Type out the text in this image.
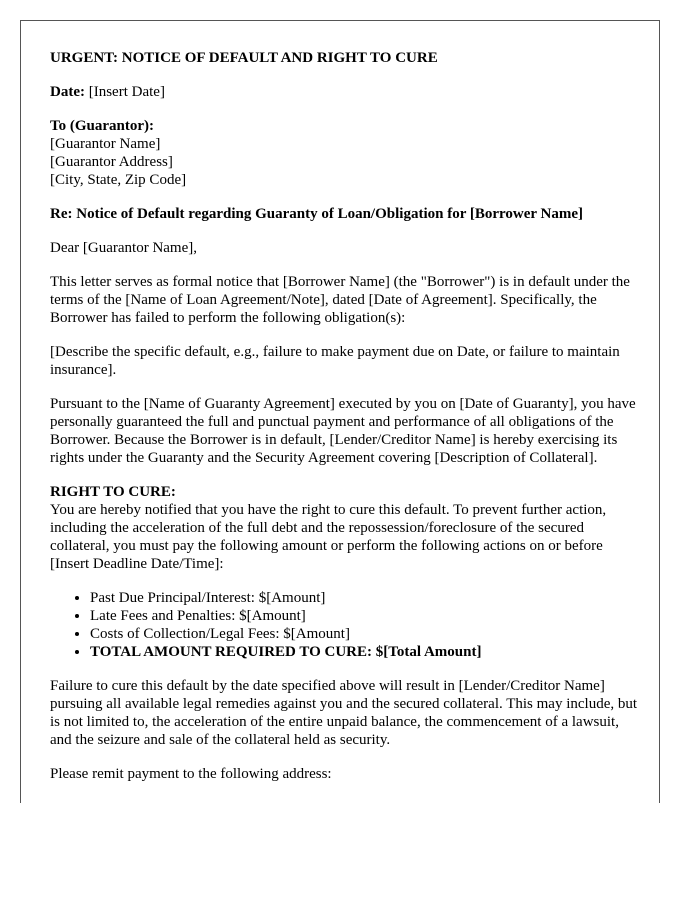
URGENT: NOTICE OF DEFAULT AND RIGHT TO CURE

Date: [Insert Date]

To (Guarantor):
[Guarantor Name]
[Guarantor Address]
[City, State, Zip Code]

Re: Notice of Default regarding Guaranty of Loan/Obligation for [Borrower Name]

Dear [Guarantor Name],

This letter serves as formal notice that [Borrower Name] (the "Borrower") is in default under the terms of the [Name of Loan Agreement/Note], dated [Date of Agreement]. Specifically, the Borrower has failed to perform the following obligation(s):

[Describe the specific default, e.g., failure to make payment due on Date, or failure to maintain insurance].

Pursuant to the [Name of Guaranty Agreement] executed by you on [Date of Guaranty], you have personally guaranteed the full and punctual payment and performance of all obligations of the Borrower. Because the Borrower is in default, [Lender/Creditor Name] is hereby exercising its rights under the Guaranty and the Security Agreement covering [Description of Collateral].

RIGHT TO CURE:
You are hereby notified that you have the right to cure this default. To prevent further action, including the acceleration of the full debt and the repossession/foreclosure of the secured collateral, you must pay the following amount or perform the following actions on or before [Insert Deadline Date/Time]:

• Past Due Principal/Interest: $[Amount]
• Late Fees and Penalties: $[Amount]
• Costs of Collection/Legal Fees: $[Amount]
• TOTAL AMOUNT REQUIRED TO CURE: $[Total Amount]

Failure to cure this default by the date specified above will result in [Lender/Creditor Name] pursuing all available legal remedies against you and the secured collateral. This may include, but is not limited to, the acceleration of the entire unpaid balance, the commencement of a lawsuit, and the seizure and sale of the collateral held as security.

Please remit payment to the following address:
